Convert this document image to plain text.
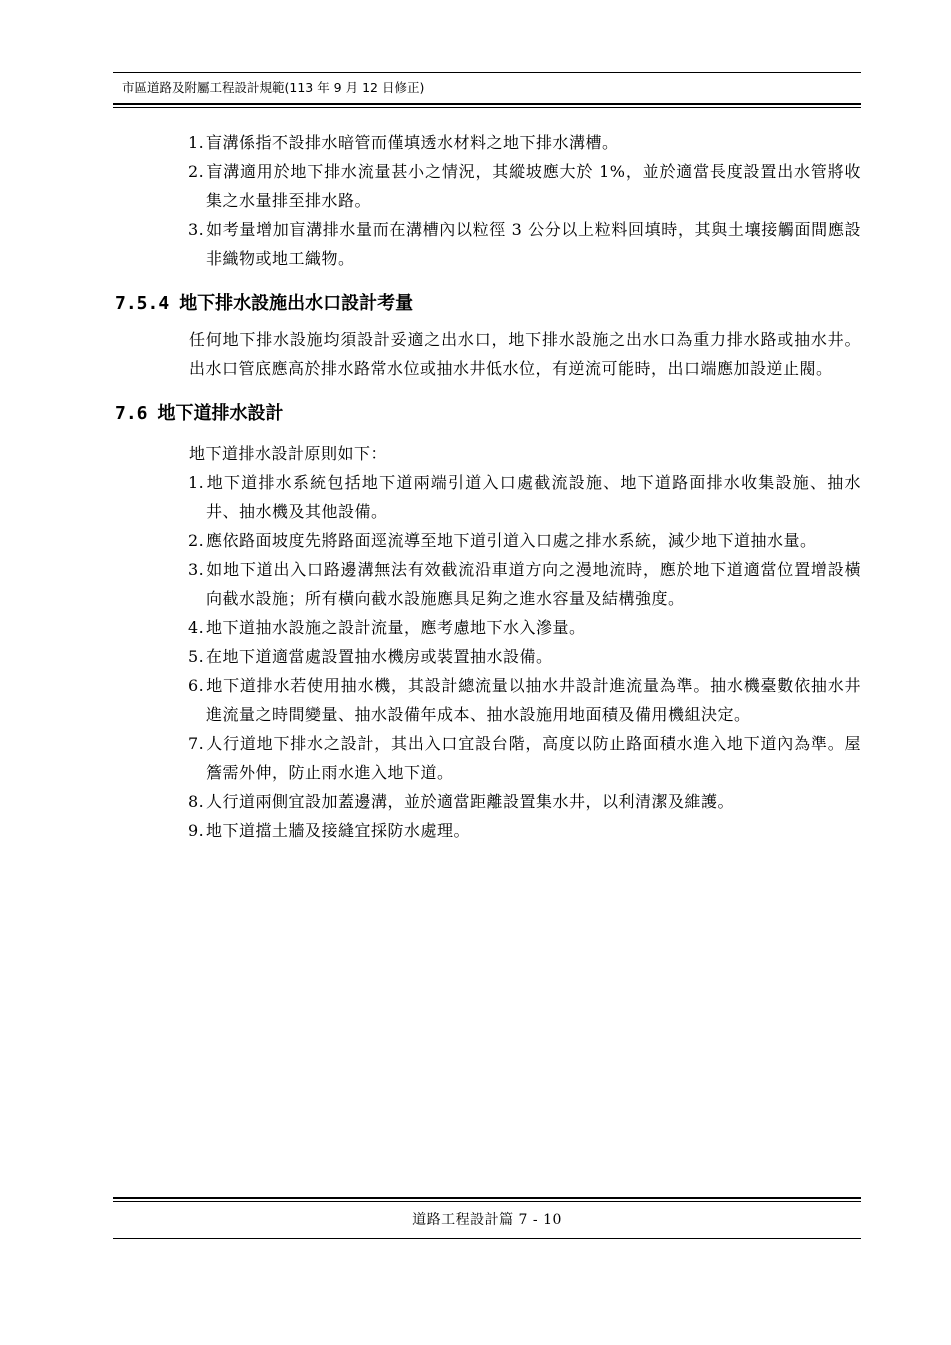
市區道路及附屬工程設計規範(113 年 9 月 12 日修正)
1. 盲溝係指不設排水暗管而僅填透水材料之地下排水溝槽。
2. 盲溝適用於地下排水流量甚小之情況，其縱坡應大於 1%，並於適當長度設置出水管將收集之水量排至排水路。
3. 如考量增加盲溝排水量而在溝槽內以粒徑 3 公分以上粒料回填時，其與土壤接觸面間應設非織物或地工織物。
7.5.4 地下排水設施出水口設計考量

任何地下排水設施均須設計妥適之出水口，地下排水設施之出水口為重力排水路或抽水井。出水口管底應高於排水路常水位或抽水井低水位，有逆流可能時，出口端應加設逆止閥。

7.6 地下道排水設計

地下道排水設計原則如下：

1. 地下道排水系統包括地下道兩端引道入口處截流設施、地下道路面排水收集設施、抽水井、抽水機及其他設備。
2. 應依路面坡度先將路面逕流導至地下道引道入口處之排水系統，減少地下道抽水量。
3. 如地下道出入口路邊溝無法有效截流沿車道方向之漫地流時，應於地下道適當位置增設橫向截水設施；所有橫向截水設施應具足夠之進水容量及結構強度。
4. 地下道抽水設施之設計流量，應考慮地下水入滲量。
5. 在地下道適當處設置抽水機房或裝置抽水設備。
6. 地下道排水若使用抽水機，其設計總流量以抽水井設計進流量為準。抽水機臺數依抽水井進流量之時間變量、抽水設備年成本、抽水設施用地面積及備用機組決定。
7. 人行道地下排水之設計，其出入口宜設台階，高度以防止路面積水進入地下道內為準。屋簷需外伸，防止雨水進入地下道。
8. 人行道兩側宜設加蓋邊溝，並於適當距離設置集水井，以利清潔及維護。
9. 地下道擋土牆及接縫宜採防水處理。
道路工程設計篇 7 - 10
